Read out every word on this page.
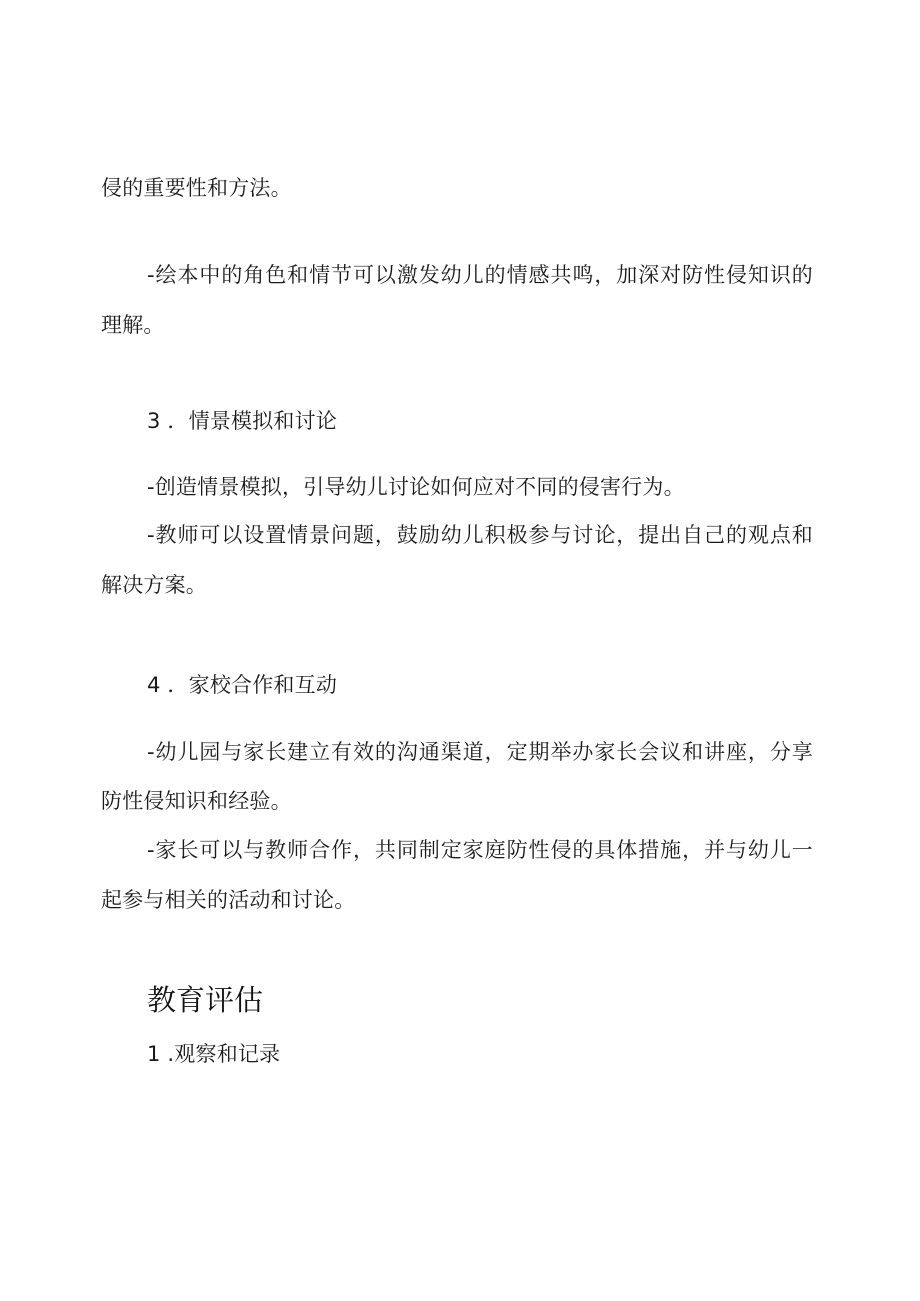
侵的重要性和方法。
-绘本中的角色和情节可以激发幼儿的情感共鸣，加深对防性侵知识的
理解。
3 ．情景模拟和讨论
-创造情景模拟，引导幼儿讨论如何应对不同的侵害行为。
-教师可以设置情景问题，鼓励幼儿积极参与讨论，提出自己的观点和
解决方案。
4 ．家校合作和互动
-幼儿园与家长建立有效的沟通渠道，定期举办家长会议和讲座，分享
防性侵知识和经验。
-家长可以与教师合作，共同制定家庭防性侵的具体措施，并与幼儿一
起参与相关的活动和讨论。
教育评估
1 .观察和记录
